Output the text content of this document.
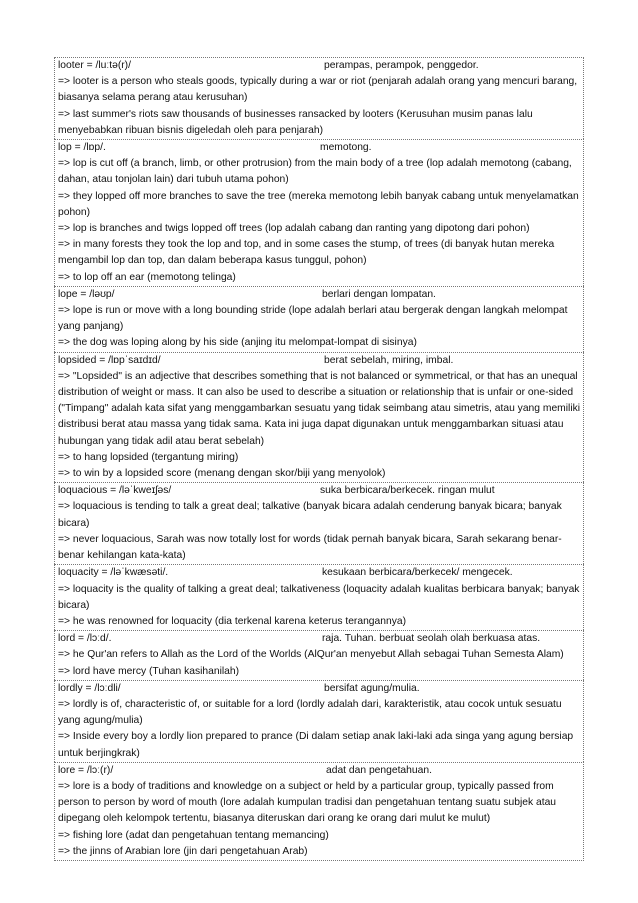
looter = /luːtə(r)/	perampas, perampok, penggedor.
=> looter is a person who steals goods, typically during a war or riot (penjarah adalah orang yang mencuri barang, biasanya selama perang atau kerusuhan)
=> last summer's riots saw thousands of businesses ransacked by looters (Kerusuhan musim panas lalu menyebabkan ribuan bisnis digeledah oleh para penjarah)
lop = /lɒp/.	memotong.
=> lop is cut off (a branch, limb, or other protrusion) from the main body of a tree (lop adalah memotong (cabang, dahan, atau tonjolan lain) dari tubuh utama pohon)
=> they lopped off more branches to save the tree (mereka memotong lebih banyak cabang untuk menyelamatkan pohon)
=> lop is branches and twigs lopped off trees (lop adalah cabang dan ranting yang dipotong dari pohon)
=> in many forests they took the lop and top, and in some cases the stump, of trees (di banyak hutan mereka mengambil lop dan top, dan dalam beberapa kasus tunggul, pohon)
=> to lop off an ear (memotong telinga)
lope = /ləʊp/	berlari dengan lompatan.
=> lope is run or move with a long bounding stride (lope adalah berlari atau bergerak dengan langkah melompat yang panjang)
=> the dog was loping along by his side (anjing itu melompat-lompat di sisinya)
lopsided = /lɒpˈsaɪdɪd/	berat sebelah, miring, imbal.
=> "Lopsided" is an adjective that describes something that is not balanced or symmetrical, or that has an unequal distribution of weight or mass. It can also be used to describe a situation or relationship that is unfair or one-sided ("Timpang" adalah kata sifat yang menggambarkan sesuatu yang tidak seimbang atau simetris, atau yang memiliki distribusi berat atau massa yang tidak sama. Kata ini juga dapat digunakan untuk menggambarkan situasi atau hubungan yang tidak adil atau berat sebelah)
=> to hang lopsided (tergantung miring)
=> to win by a lopsided score (menang dengan skor/biji yang menyolok)
loquacious = /ləˈkweɪʃəs/	suka berbicara/berkecek. ringan mulut
=> loquacious is tending to talk a great deal; talkative (banyak bicara adalah cenderung banyak bicara; banyak bicara)
=> never loquacious, Sarah was now totally lost for words (tidak pernah banyak bicara, Sarah sekarang benar-benar kehilangan kata-kata)
loquacity = /ləˈkwæsəti/.	kesukaan berbicara/berkecek/ mengecek.
=> loquacity is the quality of talking a great deal; talkativeness (loquacity adalah kualitas berbicara banyak; banyak bicara)
=> he was renowned for loquacity (dia terkenal karena keterus terangannya)
lord = /lɔːd/.	raja. Tuhan. berbuat seolah olah berkuasa atas.
=> he Qur'an refers to Allah as the Lord of the Worlds (AlQur'an menyebut Allah sebagai Tuhan Semesta Alam)
=> lord have mercy (Tuhan kasihanilah)
lordly = /lɔːdli/	bersifat agung/mulia.
=> lordly is of, characteristic of, or suitable for a lord (lordly adalah dari, karakteristik, atau cocok untuk sesuatu yang agung/mulia)
=> Inside every boy a lordly lion prepared to prance (Di dalam setiap anak laki-laki ada singa yang agung bersiap untuk berjingkrak)
lore = /lɔː(r)/	adat dan pengetahuan.
=> lore is a body of traditions and knowledge on a subject or held by a particular group, typically passed from person to person by word of mouth (lore adalah kumpulan tradisi dan pengetahuan tentang suatu subjek atau dipegang oleh kelompok tertentu, biasanya diteruskan dari orang ke orang dari mulut ke mulut)
=> fishing lore (adat dan pengetahuan tentang memancing)
=> the jinns of Arabian lore (jin dari pengetahuan Arab)
